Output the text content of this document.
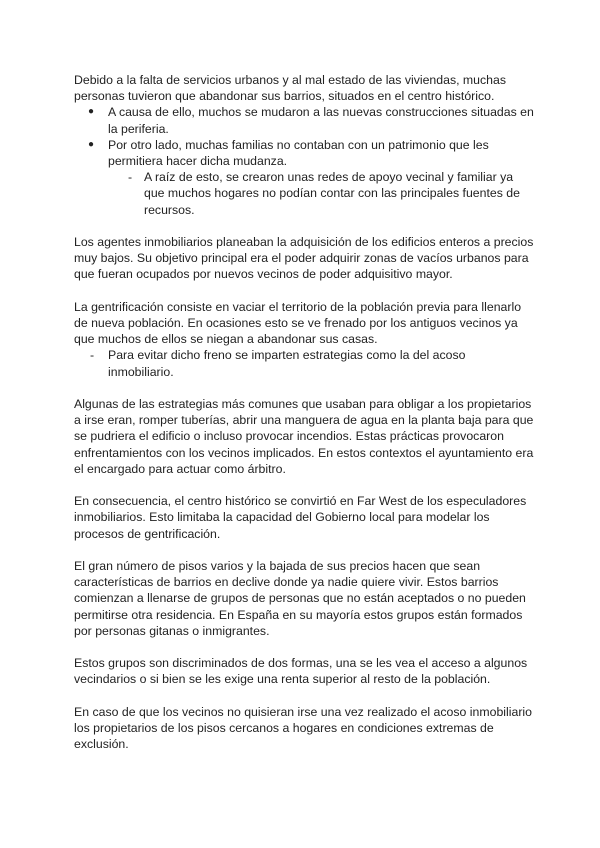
Debido a la falta de servicios urbanos y al mal estado de las viviendas, muchas personas tuvieron que abandonar sus barrios, situados en el centro histórico.

● A causa de ello, muchos se mudaron a las nuevas construcciones situadas en la periferia.
● Por otro lado, muchas familias no contaban con un patrimonio que les permitiera hacer dicha mudanza.
- A raíz de esto, se crearon unas redes de apoyo vecinal y familiar ya que muchos hogares no podían contar con las principales fuentes de recursos.

Los agentes inmobiliarios planeaban la adquisición de los edificios enteros a precios muy bajos. Su objetivo principal era el poder adquirir zonas de vacíos urbanos para que fueran ocupados por nuevos vecinos de poder adquisitivo mayor.

La gentrificación consiste en vaciar el territorio de la población previa para llenarlo de nueva población. En ocasiones esto se ve frenado por los antiguos vecinos ya que muchos de ellos se niegan a abandonar sus casas.

- Para evitar dicho freno se imparten estrategias como la del acoso inmobiliario.

Algunas de las estrategias más comunes que usaban para obligar a los propietarios a irse eran, romper tuberías, abrir una manguera de agua en la planta baja para que se pudriera el edificio o incluso provocar incendios. Estas prácticas provocaron enfrentamientos con los vecinos implicados. En estos contextos el ayuntamiento era el encargado para actuar como árbitro.

En consecuencia, el centro histórico se convirtió en Far West de los especuladores inmobiliarios. Esto limitaba la capacidad del Gobierno local para modelar los procesos de gentrificación.

El gran número de pisos varios y la bajada de sus precios hacen que sean características de barrios en declive donde ya nadie quiere vivir. Estos barrios comienzan a llenarse de grupos de personas que no están aceptados o no pueden permitirse otra residencia. En España en su mayoría estos grupos están formados por personas gitanas o inmigrantes.

Estos grupos son discriminados de dos formas, una se les vea el acceso a algunos vecindarios o si bien se les exige una renta superior al resto de la población.

En caso de que los vecinos no quisieran irse una vez realizado el acoso inmobiliario los propietarios de los pisos cercanos a hogares en condiciones extremas de exclusión.
